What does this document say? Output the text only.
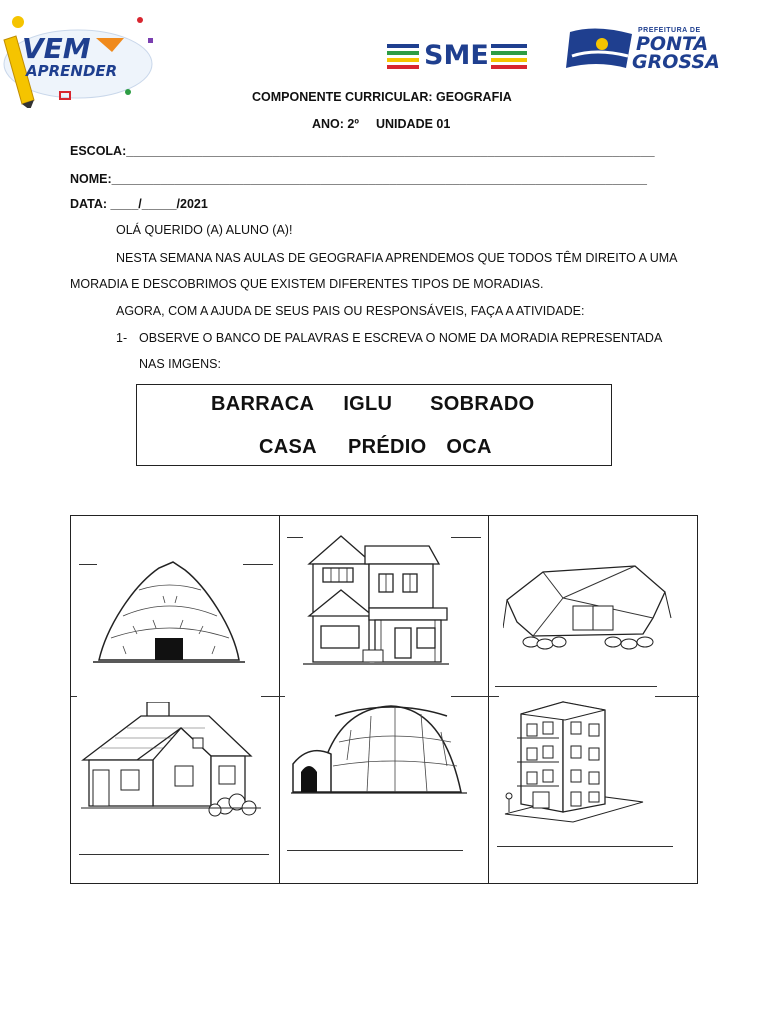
VEM
APRENDER	SME
PREFEITURA DE
PONTA
GROSSA
COMPONENTE CURRICULAR: GEOGRAFIA
ANO: 2º UNIDADE 01
ESCOLA:____________________________________________________________________________
NOME:_____________________________________________________________________________
DATA: ____/_____/2021
OLÁ QUERIDO (A) ALUNO (A)!
NESTA SEMANA NAS AULAS DE GEOGRAFIA APRENDEMOS QUE TODOS TÊM DIREITO A UMA
MORADIA E DESCOBRIMOS QUE EXISTEM DIFERENTES TIPOS DE MORADIAS.
AGORA, COM A AJUDA DE SEUS PAIS OU RESPONSÁVEIS, FAÇA A ATIVIDADE:
1- OBSERVE O BANCO DE PALAVRAS E ESCREVA O NOME DA MORADIA REPRESENTADA
NAS IMGENS:
BARRACA IGLU SOBRADO
CASA PRÉDIO OCA
